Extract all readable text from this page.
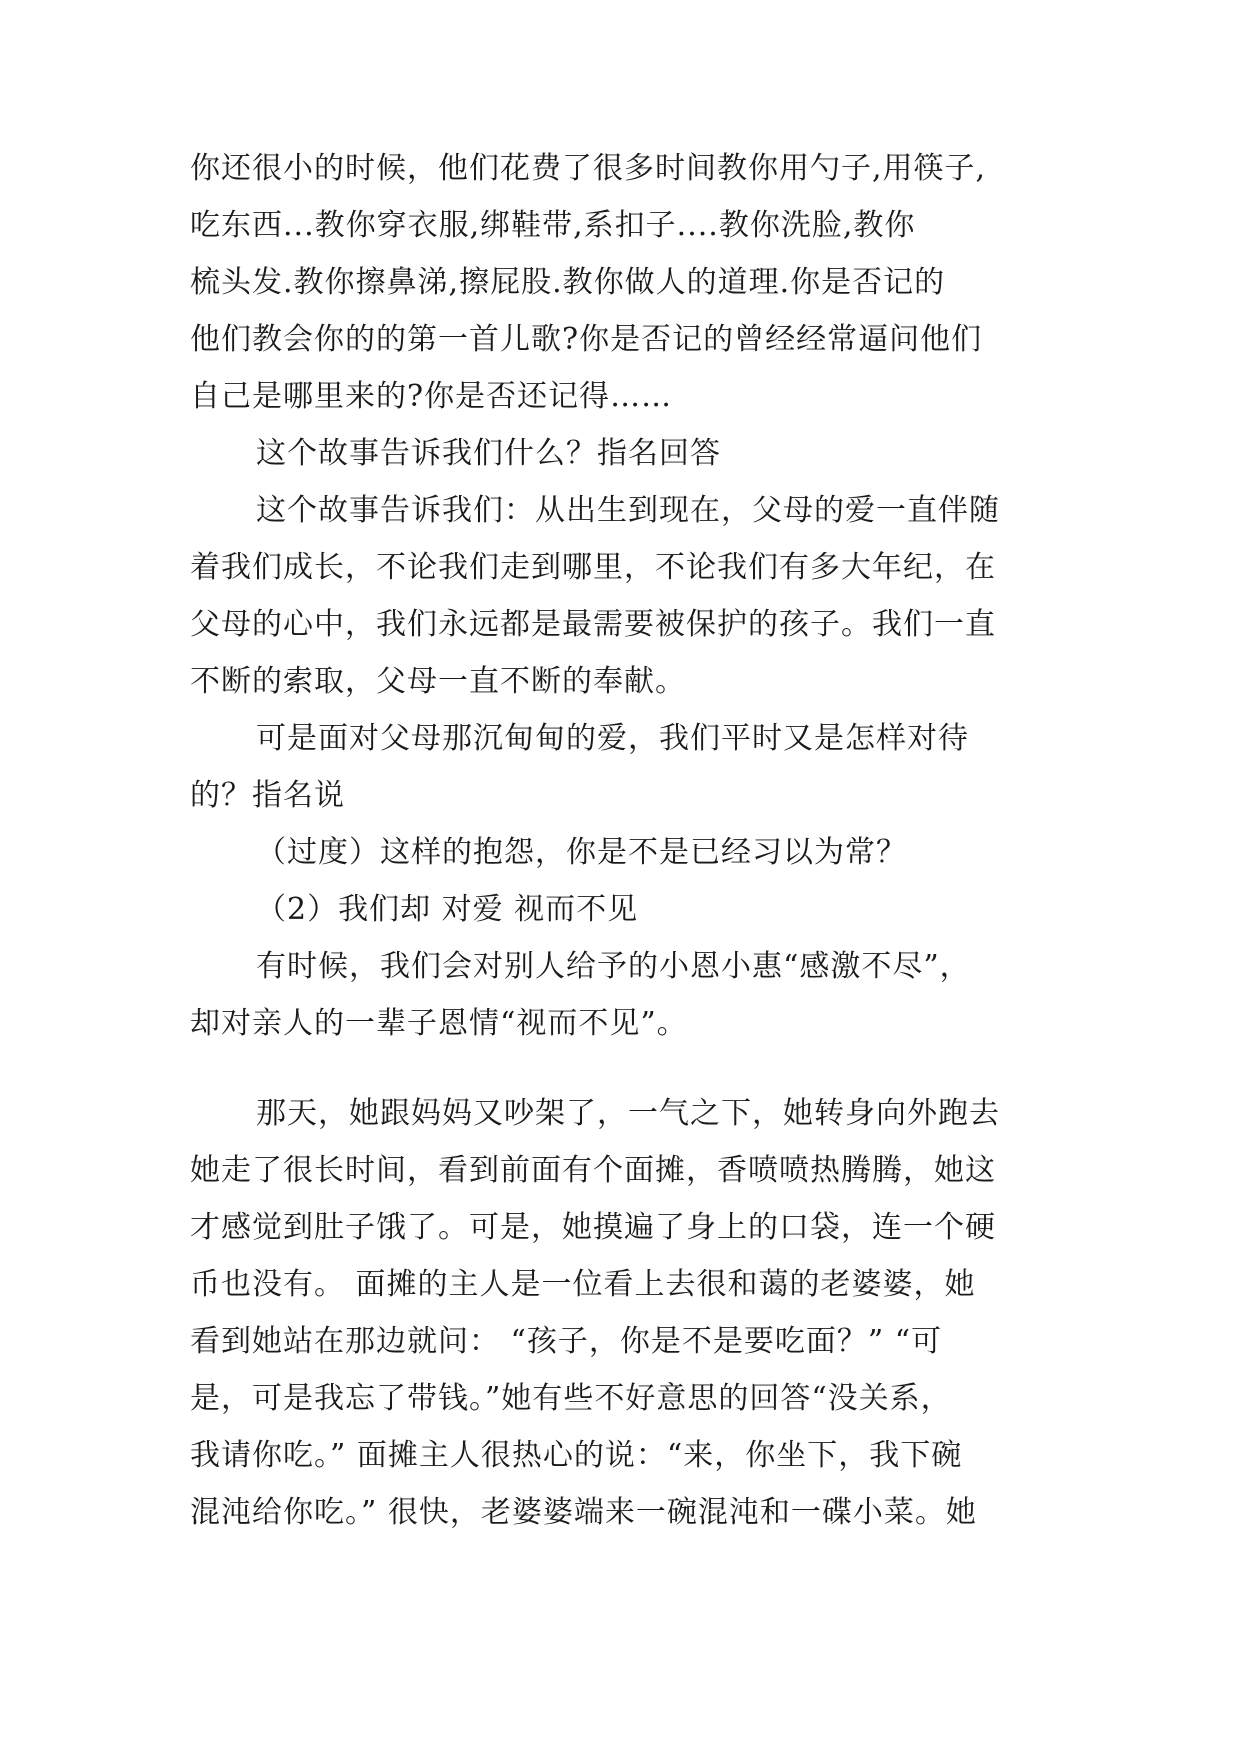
你还很小的时候，他们花费了很多时间教你用勺子,用筷子,
吃东西...教你穿衣服,绑鞋带,系扣子....教你洗脸,教你
梳头发.教你擦鼻涕,擦屁股.教你做人的道理.你是否记的
他们教会你的的第一首儿歌?你是否记的曾经经常逼问他们
自己是哪里来的?你是否还记得……
这个故事告诉我们什么？指名回答
这个故事告诉我们：从出生到现在，父母的爱一直伴随
着我们成长，不论我们走到哪里，不论我们有多大年纪，在
父母的心中，我们永远都是最需要被保护的孩子。我们一直
不断的索取，父母一直不断的奉献。
可是面对父母那沉甸甸的爱，我们平时又是怎样对待
的？指名说
（过度）这样的抱怨，你是不是已经习以为常？
（2）我们却 对爱 视而不见
有时候，我们会对别人给予的小恩小惠“感激不尽”，
却对亲人的一辈子恩情“视而不见”。
那天，她跟妈妈又吵架了，一气之下，她转身向外跑去
她走了很长时间，看到前面有个面摊，香喷喷热腾腾，她这
才感觉到肚子饿了。可是，她摸遍了身上的口袋，连一个硬
币也没有。 面摊的主人是一位看上去很和蔼的老婆婆，她
看到她站在那边就问： “孩子，你是不是要吃面？” “可
是，可是我忘了带钱。”她有些不好意思的回答“没关系，
我请你吃。” 面摊主人很热心的说：“来，你坐下，我下碗
混沌给你吃。” 很快，老婆婆端来一碗混沌和一碟小菜。她
